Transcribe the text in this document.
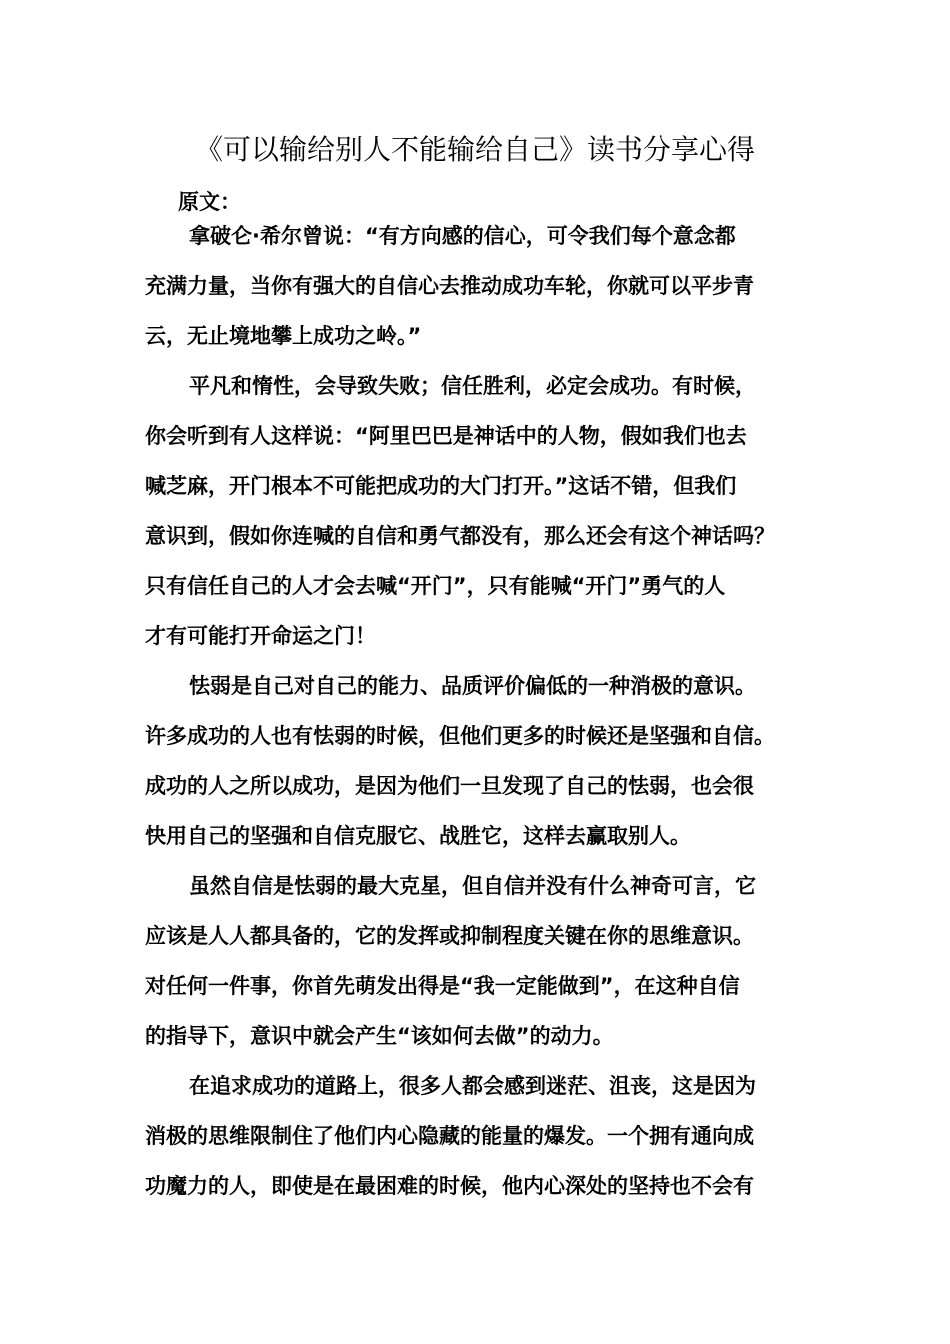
《可以输给别人不能输给自己》读书分享心得
原文：
拿破仑·希尔曾说：“有方向感的信心，可令我们每个意念都
充满力量，当你有强大的自信心去推动成功车轮，你就可以平步青
云，无止境地攀上成功之岭。”
平凡和惰性，会导致失败；信任胜利，必定会成功。有时候，
你会听到有人这样说：“阿里巴巴是神话中的人物，假如我们也去
喊芝麻，开门根本不可能把成功的大门打开。”这话不错，但我们
意识到，假如你连喊的自信和勇气都没有，那么还会有这个神话吗？
只有信任自己的人才会去喊“开门”，只有能喊“开门”勇气的人
才有可能打开命运之门！
怯弱是自己对自己的能力、品质评价偏低的一种消极的意识。
许多成功的人也有怯弱的时候，但他们更多的时候还是坚强和自信。
成功的人之所以成功，是因为他们一旦发现了自己的怯弱，也会很
快用自己的坚强和自信克服它、战胜它，这样去赢取别人。
虽然自信是怯弱的最大克星，但自信并没有什么神奇可言，它
应该是人人都具备的，它的发挥或抑制程度关键在你的思维意识。
对任何一件事，你首先萌发出得是“我一定能做到”，在这种自信
的指导下，意识中就会产生“该如何去做”的动力。
在追求成功的道路上，很多人都会感到迷茫、沮丧，这是因为
消极的思维限制住了他们内心隐藏的能量的爆发。一个拥有通向成
功魔力的人，即使是在最困难的时候，他内心深处的坚持也不会有
